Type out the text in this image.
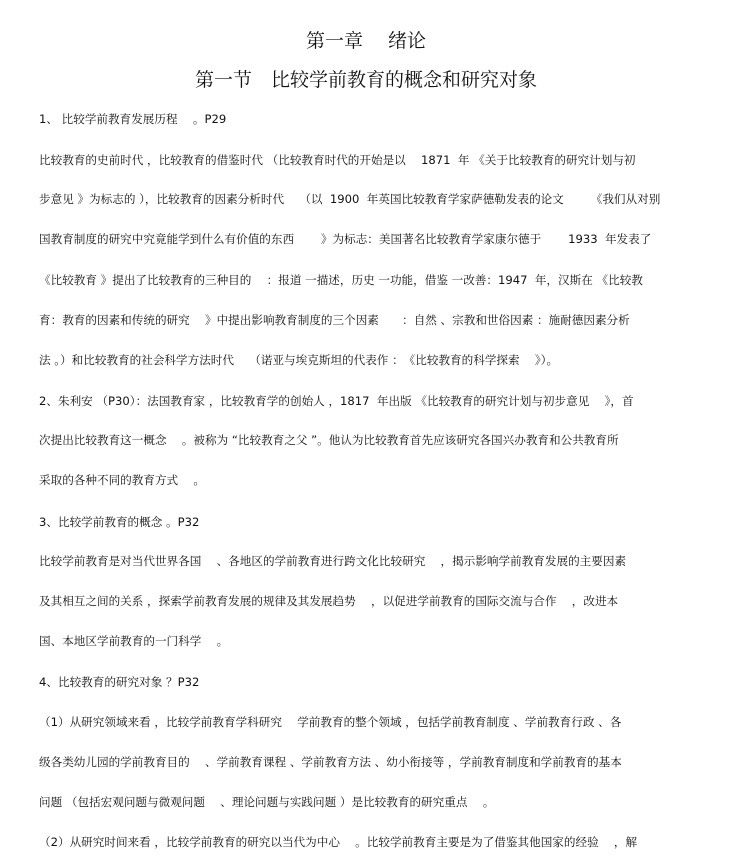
第一章　 绪论
第一节　比较学前教育的概念和研究对象
1、 比较学前教育发展历程　 。P29
比较教育的史前时代 ，比较教育的借鉴时代 （比较教育时代的开始是以　 1871  年 《关于比较教育的研究计划与初
步意见 》为标志的 ），比较教育的因素分析时代　 （以  1900  年英国比较教育学家萨德勒发表的论文　　 《我们从对别
国教育制度的研究中究竟能学到什么有价值的东西　　 》为标志：美国著名比较教育学家康尔德于　　 1933  年发表了
《比较教育 》提出了比较教育的三种目的　 ：报道 一描述，历史 一功能，借鉴 一改善：1947  年，汉斯在 《比较教
育：教育的因素和传统的研究　 》中提出影响教育制度的三个因素　　：自然 、宗教和世俗因素 ：施耐德因素分析
法 。）和比较教育的社会科学方法时代　 （诺亚与埃克斯坦的代表作 ：　《比较教育的科学探索　 》）。
2、朱利安 （P30）：法国教育家 ，比较教育学的创始人 ，1817  年出版 《比较教育的研究计划与初步意见　 》，首
次提出比较教育这一概念　 。被称为 “比较教育之父 ”。他认为比较教育首先应该研究各国兴办教育和公共教育所
采取的各种不同的教育方式　 。
3、比较学前教育的概念 。P32
比较学前教育是对当代世界各国　 、各地区的学前教育进行跨文化比较研究　 ，揭示影响学前教育发展的主要因素
及其相互之间的关系 ，探索学前教育发展的规律及其发展趋势　 ，以促进学前教育的国际交流与合作　 ，改进本
国、本地区学前教育的一门科学　 。
4、比较教育的研究对象 ？P32
（1）从研究领域来看 ，比较学前教育学科研究　 学前教育的整个领域 ，包括学前教育制度 、学前教育行政 、各
级各类幼儿园的学前教育目的　 、学前教育课程 、学前教育方法 、幼小衔接等 ，学前教育制度和学前教育的基本
问题 （包括宏观问题与微观问题　 、理论问题与实践问题 ）是比较教育的研究重点　 。
（2）从研究时间来看 ，比较学前教育的研究以当代为中心　 。比较学前教育主要是为了借鉴其他国家的经验　 ，解
